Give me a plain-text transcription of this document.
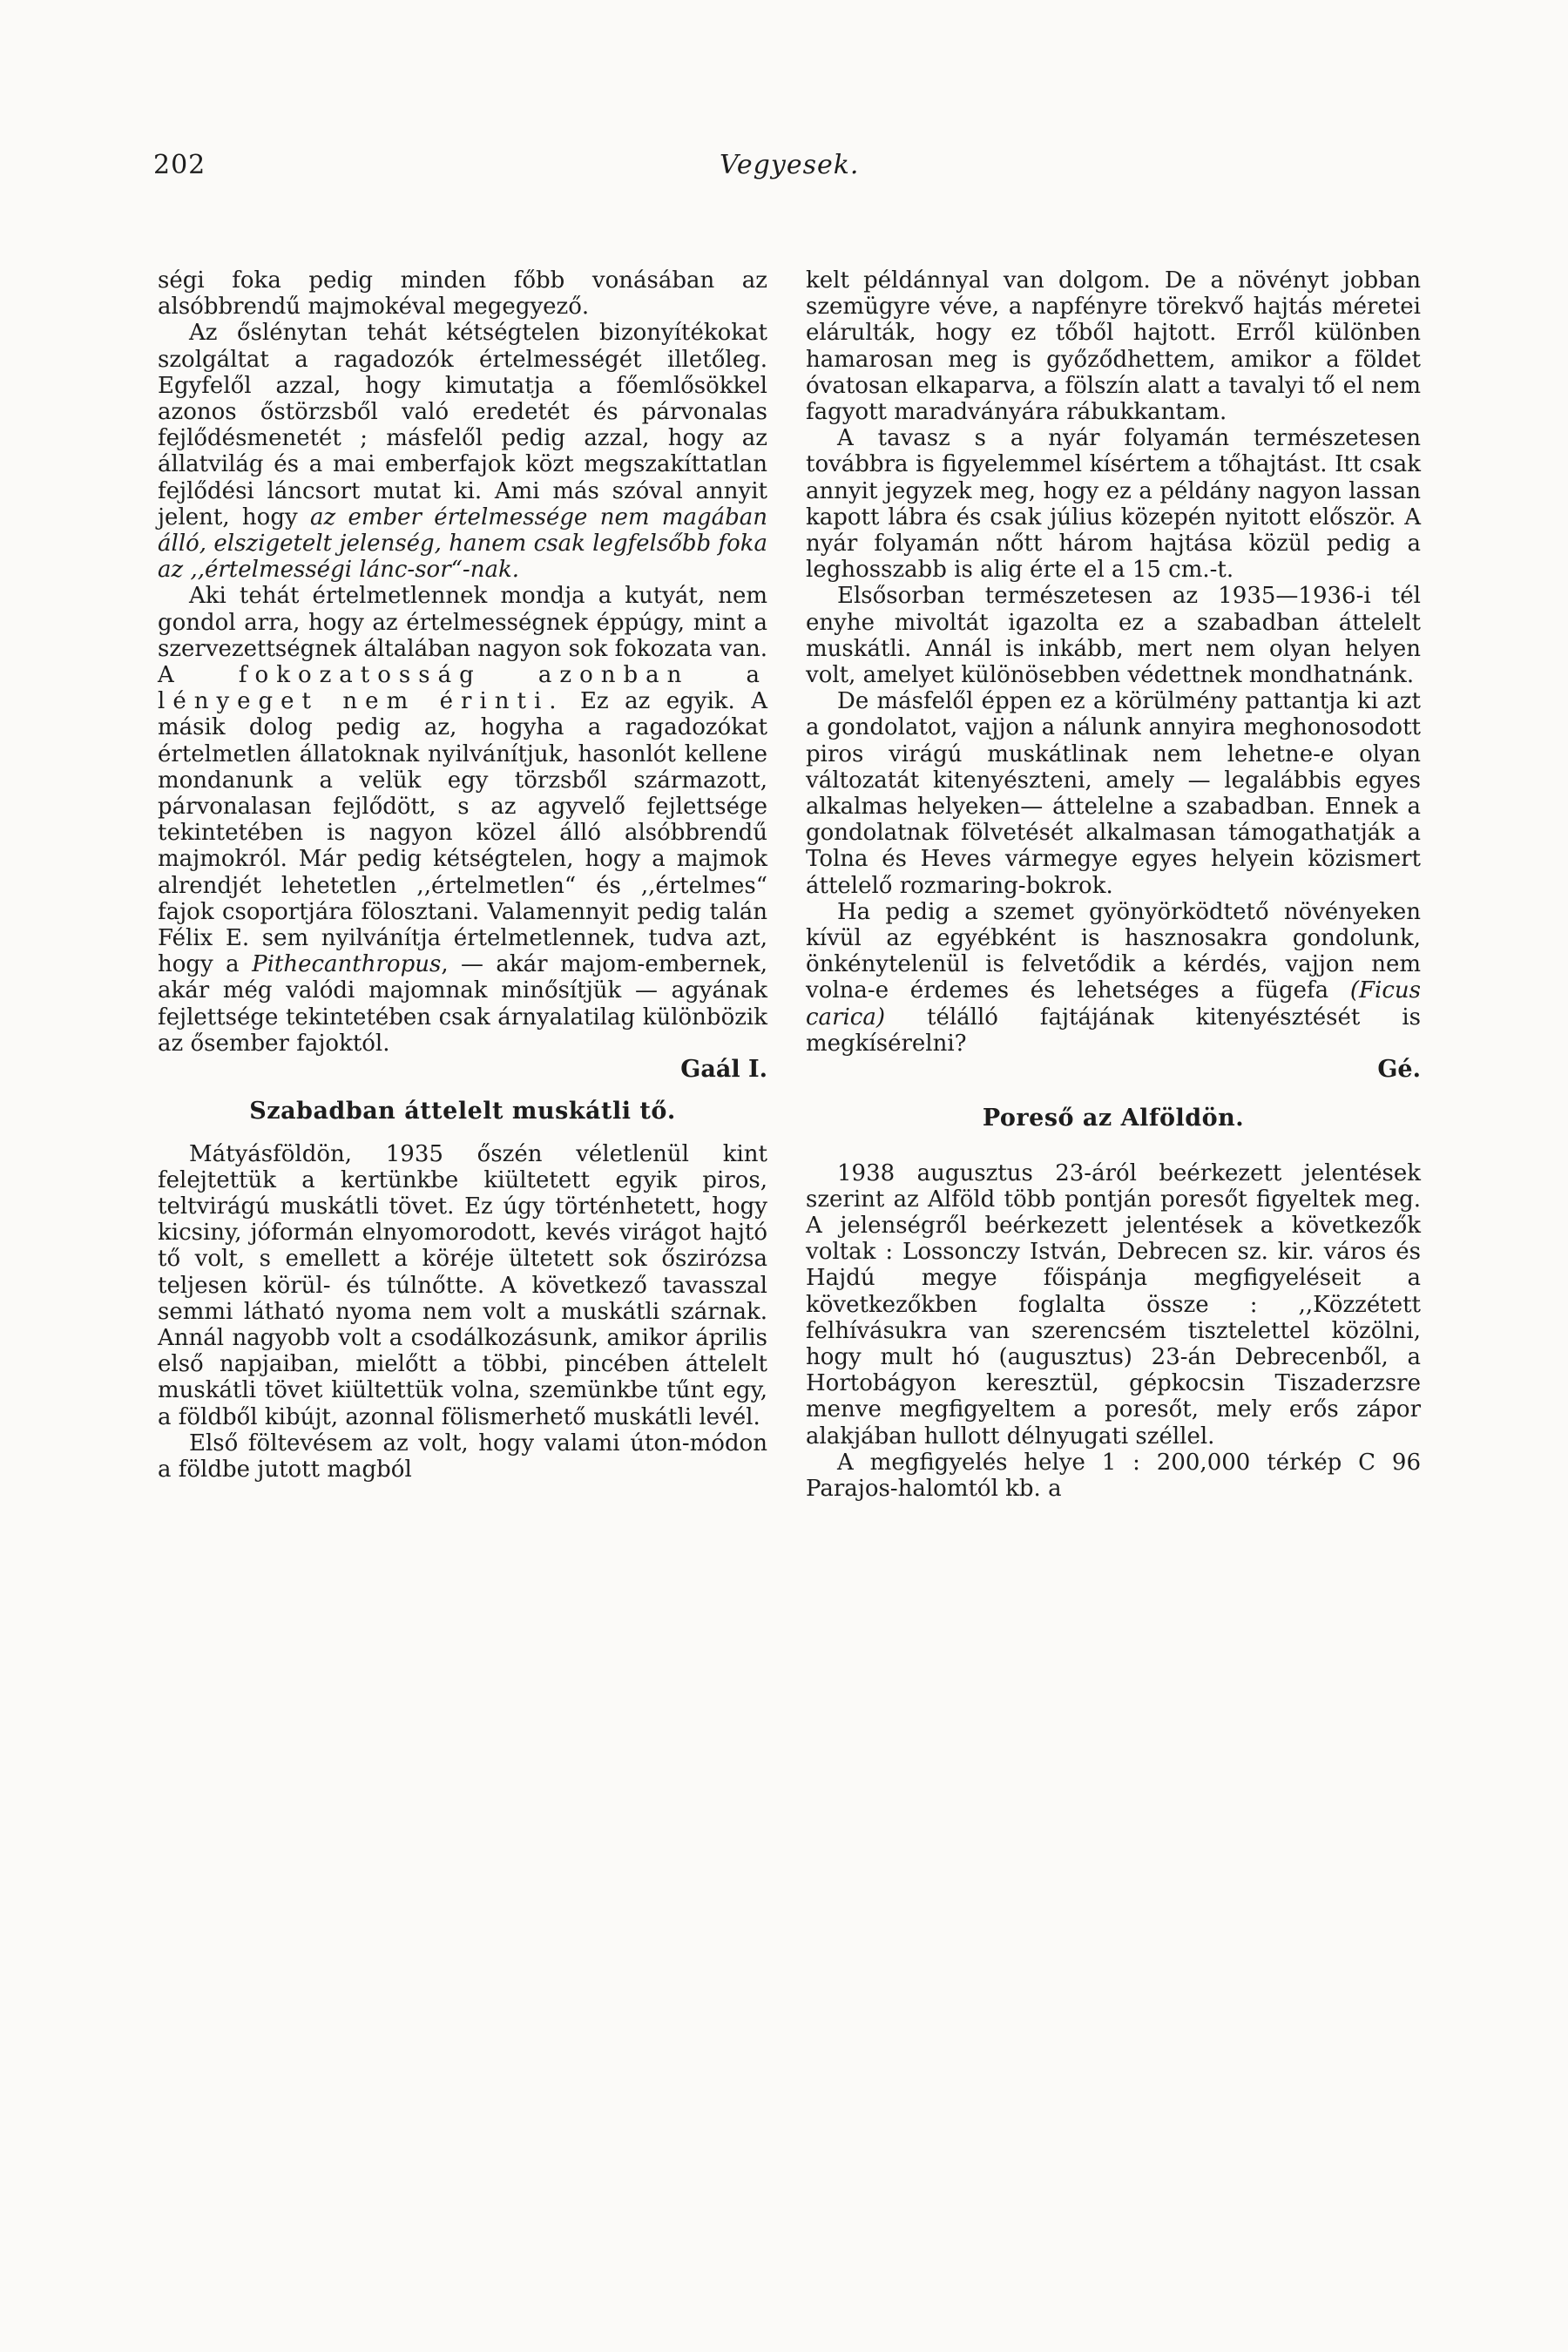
202	Vegyesek.

ségi foka pedig minden főbb vonásában az alsóbbrendű majmokéval megegyező.

Az őslénytan tehát kétségtelen bizonyítékokat szolgáltat a ragadozók értelmességét illetőleg. Egyfelől azzal, hogy kimutatja a főemlősökkel azonos őstörzsből való eredetét és párvonalas fejlődésmenetét ; másfelől pedig azzal, hogy az állatvilág és a mai emberfajok közt megszakíttatlan fejlődési láncsort mutat ki. Ami más szóval annyit jelent, hogy az ember értelmessége nem magában álló, elszigetelt jelenség, hanem csak legfelsőbb foka az ,,értelmességi lánc-sor“-nak.

Aki tehát értelmetlennek mondja a kutyát, nem gondol arra, hogy az értelmességnek éppúgy, mint a szervezettségnek általában nagyon sok fokozata van. A fokozatosság azonban a lényeget nem érinti. Ez az egyik. A másik dolog pedig az, hogyha a ragadozókat értelmetlen állatoknak nyilvánítjuk, hasonlót kellene mondanunk a velük egy törzsből származott, párvonalasan fejlődött, s az agyvelő fejlettsége tekintetében is nagyon közel álló alsóbbrendű majmokról. Már pedig kétségtelen, hogy a majmok alrendjét lehetetlen ,,értelmetlen“ és ,,értelmes“ fajok csoportjára fölosztani. Valamennyit pedig talán Félix E. sem nyilvánítja értelmetlennek, tudva azt, hogy a Pithecanthropus, — akár majom-embernek, akár még valódi majomnak minősítjük — agyának fejlettsége tekintetében csak árnyalatilag különbözik az ősember fajoktól.

Gaál I.

Szabadban áttelelt muskátli tő.

Mátyásföldön, 1935 őszén véletlenül kint felejtettük a kertünkbe kiültetett egyik piros, teltvirágú muskátli tövet. Ez úgy történhetett, hogy kicsiny, jóformán elnyomorodott, kevés virágot hajtó tő volt, s emellett a köréje ültetett sok őszirózsa teljesen körül- és túlnőtte. A következő tavasszal semmi látható nyoma nem volt a muskátli szárnak. Annál nagyobb volt a csodálkozásunk, amikor április első napjaiban, mielőtt a többi, pincében áttelelt muskátli tövet kiültettük volna, szemünkbe tűnt egy, a földből kibújt, azonnal fölismerhető muskátli levél.

Első föltevésem az volt, hogy valami úton-módon a földbe jutott magból

kelt példánnyal van dolgom. De a növényt jobban szemügyre véve, a napfényre törekvő hajtás méretei elárulták, hogy ez tőből hajtott. Erről különben hamarosan meg is győződhettem, amikor a földet óvatosan elkaparva, a fölszín alatt a tavalyi tő el nem fagyott maradványára rábukkantam.

A tavasz s a nyár folyamán természetesen továbbra is figyelemmel kísértem a tőhajtást. Itt csak annyit jegyzek meg, hogy ez a példány nagyon lassan kapott lábra és csak július közepén nyitott először. A nyár folyamán nőtt három hajtása közül pedig a leghosszabb is alig érte el a 15 cm.-t.

Elsősorban természetesen az 1935—1936-i tél enyhe mivoltát igazolta ez a szabadban áttelelt muskátli. Annál is inkább, mert nem olyan helyen volt, amelyet különösebben védettnek mondhatnánk.

De másfelől éppen ez a körülmény pattantja ki azt a gondolatot, vajjon a nálunk annyira meghonosodott piros virágú muskátlinak nem lehetne-e olyan változatát kitenyészteni, amely — legalábbis egyes alkalmas helyeken— áttelelne a szabadban. Ennek a gondolatnak fölvetését alkalmasan támogathatják a Tolna és Heves vármegye egyes helyein közismert áttelelő rozmaring-bokrok.

Ha pedig a szemet gyönyörködtető növényeken kívül az egyébként is hasznosakra gondolunk, önkénytelenül is felvetődik a kérdés, vajjon nem volna-e érdemes és lehetséges a fügefa (Ficus carica) télálló fajtájának kitenyésztését is megkísérelni?

Gé.

Poreső az Alföldön.

1938 augusztus 23-áról beérkezett jelentések szerint az Alföld több pontján poresőt figyeltek meg. A jelenségről beérkezett jelentések a következők voltak : Lossonczy István, Debrecen sz. kir. város és Hajdú megye főispánja megfigyeléseit a következőkben foglalta össze : ,,Közzétett felhívásukra van szerencsém tisztelettel közölni, hogy mult hó (augusztus) 23-án Debrecenből, a Hortobágyon keresztül, gépkocsin Tiszaderzsre menve megfigyeltem a poresőt, mely erős zápor alakjában hullott délnyugati széllel.

A megfigyelés helye 1 : 200,000 térkép C 96 Parajos-halomtól kb. a
